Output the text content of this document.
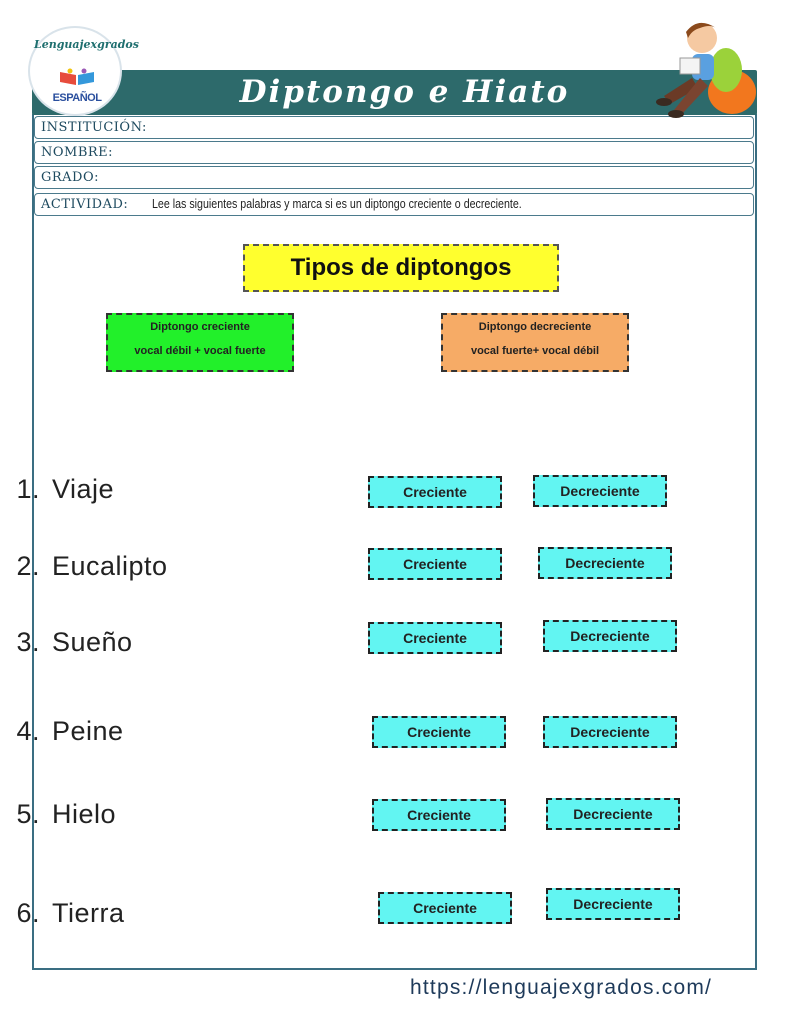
Diptongo e Hiato
Lenguajexgrados
ESPAÑOL
INSTITUCIÓN:
NOMBRE:
GRADO:
ACTIVIDAD: Lee las siguientes palabras y marca si es un diptongo creciente o decreciente.
Tipos de diptongos
Diptongo creciente
vocal débil + vocal fuerte
Diptongo decreciente
vocal fuerte+ vocal débil
1. Viaje	Creciente	Decreciente
2. Eucalipto	Creciente	Decreciente
3. Sueño	Creciente	Decreciente
4. Peine	Creciente	Decreciente
5. Hielo	Creciente	Decreciente
6. Tierra	Creciente	Decreciente
https://lenguajexgrados.com/
